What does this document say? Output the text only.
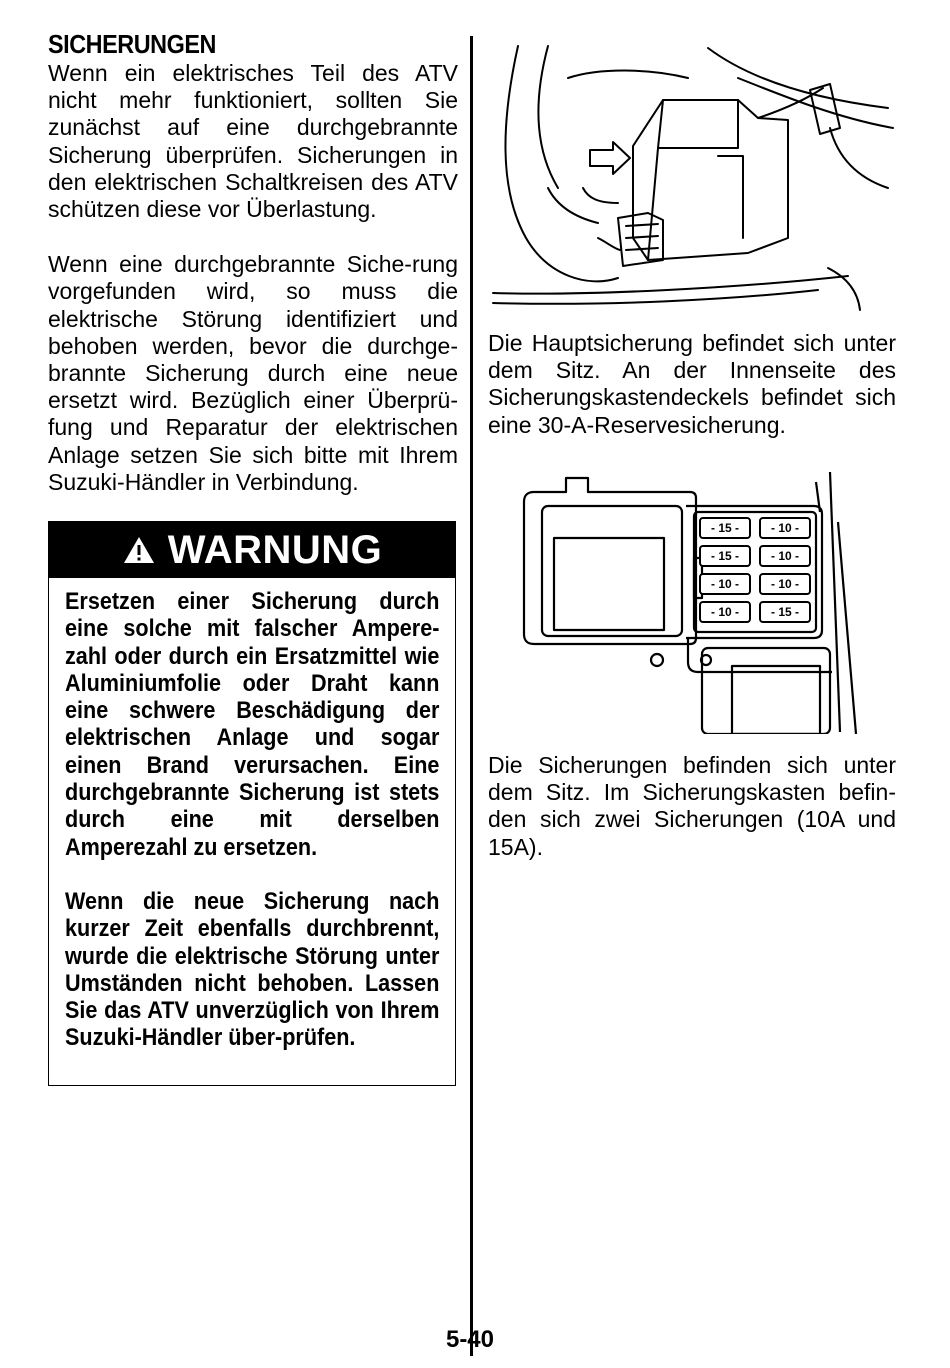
SICHERUNGEN

Wenn ein elektrisches Teil des ATV nicht mehr funktioniert, sollten Sie zunächst auf eine durchgebrannte Sicherung überprüfen. Sicherungen in den elektrischen Schaltkreisen des ATV schützen diese vor Überlastung.

Wenn eine durchgebrannte Siche-rung vorgefunden wird, so muss die elektrische Störung identifiziert und behoben werden, bevor die durchge-brannte Sicherung durch eine neue ersetzt wird. Bezüglich einer Überprü-fung und Reparatur der elektrischen Anlage setzen Sie sich bitte mit Ihrem Suzuki-Händler in Verbindung.

WARNUNG

Ersetzen einer Sicherung durch eine solche mit falscher Ampere-zahl oder durch ein Ersatzmittel wie Aluminiumfolie oder Draht kann eine schwere Beschädigung der elektrischen Anlage und sogar einen Brand verursachen. Eine durchgebrannte Sicherung ist stets durch eine mit derselben Amperezahl zu ersetzen.

Wenn die neue Sicherung nach kurzer Zeit ebenfalls durchbrennt, wurde die elektrische Störung unter Umständen nicht behoben. Lassen Sie das ATV unverzüglich von Ihrem Suzuki-Händler über-prüfen.

Die Hauptsicherung befindet sich unter dem Sitz. An der Innenseite des Sicherungskastendeckels befindet sich eine 30-A-Reservesicherung.

- 15 -
- 15 -
- 10 -
- 10 -
- 10 -
- 10 -
- 10 -
- 15 -

Die Sicherungen befinden sich unter dem Sitz. Im Sicherungskasten befin-den sich zwei Sicherungen (10A und 15A).

5-40
